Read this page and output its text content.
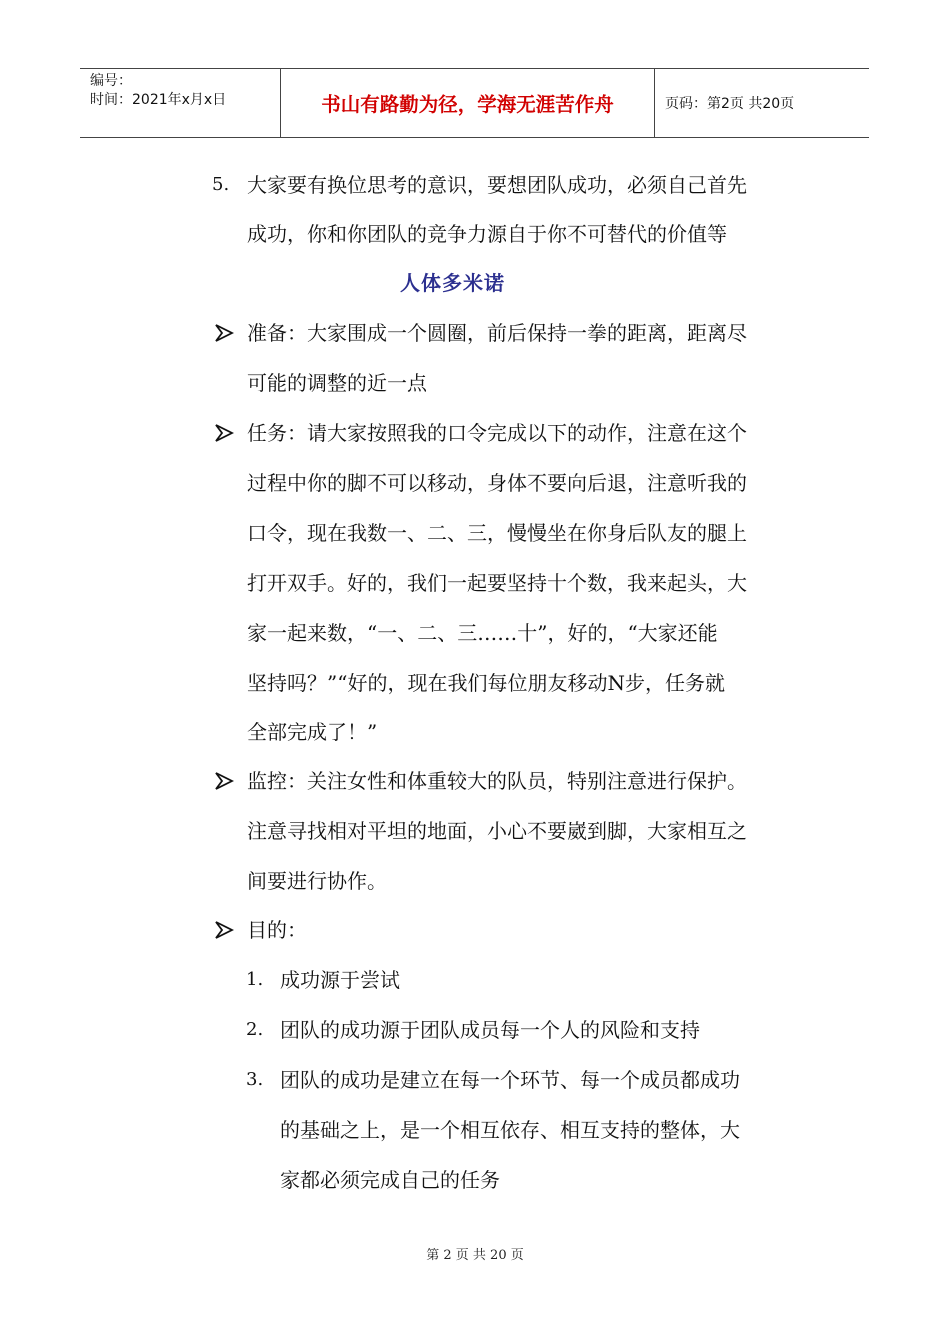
编号：
时间：2021年x月x日	书山有路勤为径，学海无涯苦作舟	页码：第2页 共20页
5. 大家要有换位思考的意识，要想团队成功，必须自己首先
成功，你和你团队的竞争力源自于你不可替代的价值等
人体多米诺
准备：大家围成一个圆圈，前后保持一拳的距离，距离尽
可能的调整的近一点
任务：请大家按照我的口令完成以下的动作，注意在这个
过程中你的脚不可以移动，身体不要向后退，注意听我的
口令，现在我数一、二、三，慢慢坐在你身后队友的腿上
打开双手。好的，我们一起要坚持十个数，我来起头，大
家一起来数，“一、二、三……十”，好的，“大家还能
坚持吗？”“好的，现在我们每位朋友移动N步，任务就
全部完成了！”
监控：关注女性和体重较大的队员，特别注意进行保护。
注意寻找相对平坦的地面，小心不要崴到脚，大家相互之
间要进行协作。
目的：
1. 成功源于尝试
2. 团队的成功源于团队成员每一个人的风险和支持
3. 团队的成功是建立在每一个环节、每一个成员都成功
的基础之上，是一个相互依存、相互支持的整体，大
家都必须完成自己的任务
第 2 页 共 20 页
